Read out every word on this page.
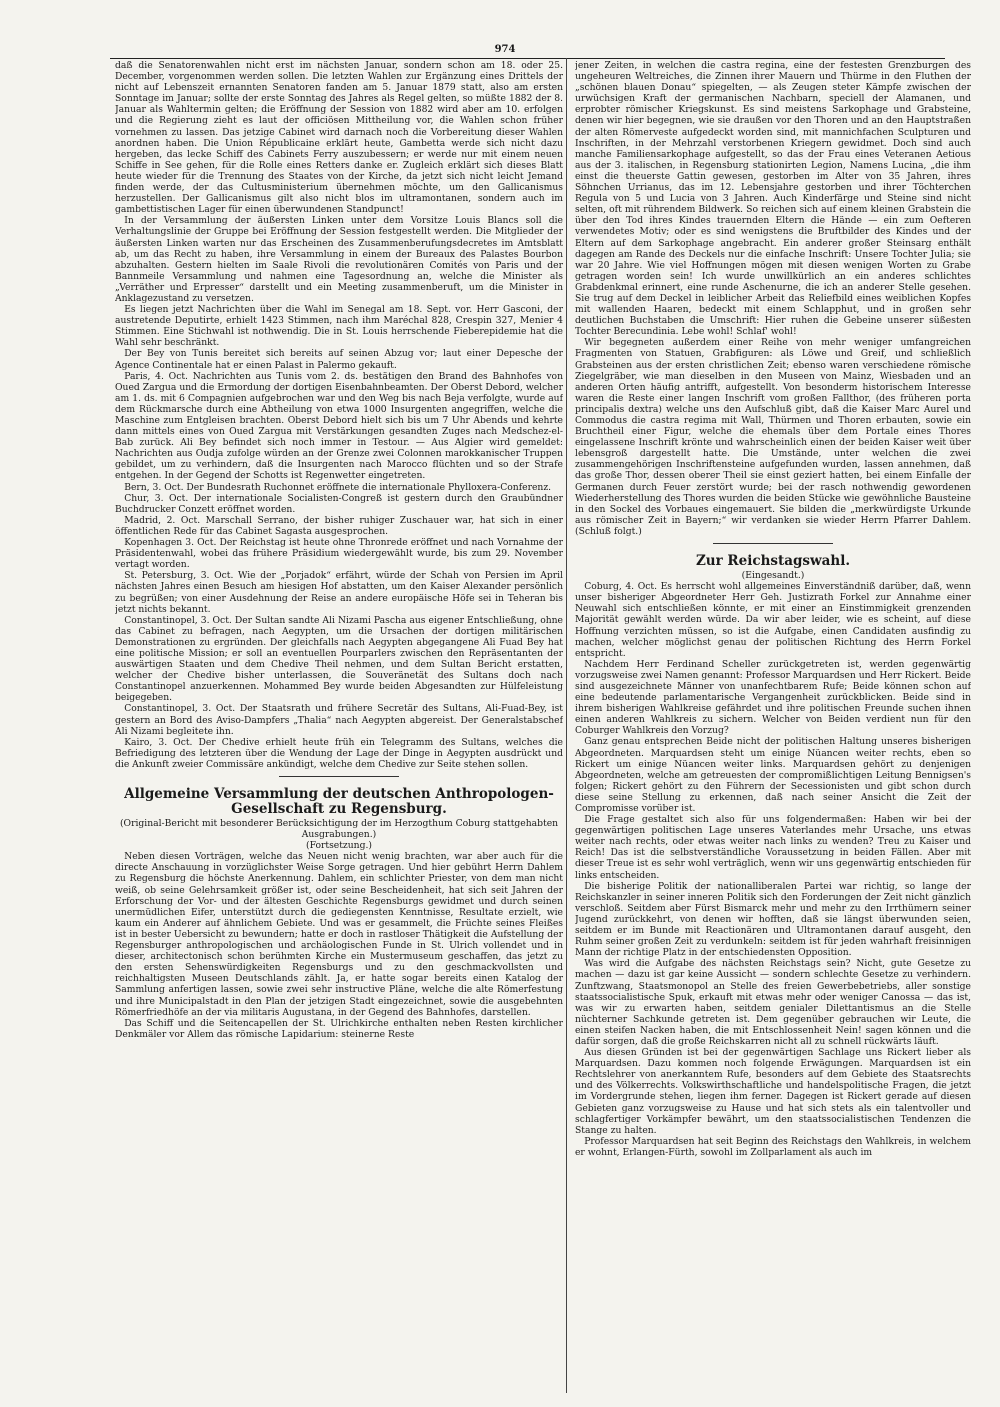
974

daß die Senatorenwahlen nicht erst im nächsten Januar, sondern schon am 18. oder 25. December, vorgenommen werden sollen. Die letzten Wahlen zur Ergänzung eines Drittels der nicht auf Lebenszeit ernannten Senatoren fanden am 5. Januar 1879 statt, also am ersten Sonntage im Januar; sollte der erste Sonntag des Jahres als Regel gelten, so müßte 1882 der 8. Januar als Wahltermin gelten; die Eröffnung der Session von 1882 wird aber am 10. erfolgen und die Regierung zieht es laut der officiösen Mittheilung vor, die Wahlen schon früher vornehmen zu lassen. Das jetzige Cabinet wird darnach noch die Vorbereitung dieser Wahlen anordnen haben. Die Union Républicaine erklärt heute, Gambetta werde sich nicht dazu hergeben, das lecke Schiff des Cabinets Ferry auszubessern; er werde nur mit einem neuen Schiffe in See gehen, für die Rolle eines Retters danke er. Zugleich erklärt sich dieses Blatt heute wieder für die Trennung des Staates von der Kirche, da jetzt sich nicht leicht Jemand finden werde, der das Cultusministerium übernehmen möchte, um den Gallicanismus herzustellen. Der Gallicanismus gilt also nicht blos im ultramontanen, sondern auch im gambettistischen Lager für einen überwundenen Standpunct!

In der Versammlung der äußersten Linken unter dem Vorsitze Louis Blancs soll die Verhaltungslinie der Gruppe bei Eröffnung der Session festgestellt werden. Die Mitglieder der äußersten Linken warten nur das Erscheinen des Zusammenberufungsdecretes im Amtsblatt ab, um das Recht zu haben, ihre Versammlung in einem der Bureaux des Palastes Bourbon abzuhalten. Gestern hielten im Saale Rivoli die revolutionären Comités von Paris und der Bannmeile Versammlung und nahmen eine Tagesordnung an, welche die Minister als „Verräther und Erpresser“ darstellt und ein Meeting zusammenberuft, um die Minister in Anklagezustand zu versetzen.

Es liegen jetzt Nachrichten über die Wahl im Senegal am 18. Sept. vor. Herr Gasconi, der austretende Deputirte, erhielt 1423 Stimmen, nach ihm Maréchal 828, Crespin 327, Menier 4 Stimmen. Eine Stichwahl ist nothwendig. Die in St. Louis herrschende Fieberepidemie hat die Wahl sehr beschränkt.

Der Bey von Tunis bereitet sich bereits auf seinen Abzug vor; laut einer Depesche der Agence Continentale hat er einen Palast in Palermo gekauft.

Paris, 4. Oct. Nachrichten aus Tunis vom 2. ds. bestätigen den Brand des Bahnhofes von Oued Zargua und die Ermordung der dortigen Eisenbahnbeamten. Der Oberst Debord, welcher am 1. ds. mit 6 Compagnien aufgebrochen war und den Weg bis nach Beja verfolgte, wurde auf dem Rückmarsche durch eine Abtheilung von etwa 1000 Insurgenten angegriffen, welche die Maschine zum Entgleisen brachten. Oberst Debord hielt sich bis um 7 Uhr Abends und kehrte dann mittels eines von Oued Zargua mit Verstärkungen gesandten Zuges nach Medschez-el-Bab zurück. Ali Bey befindet sich noch immer in Testour. — Aus Algier wird gemeldet: Nachrichten aus Oudja zufolge würden an der Grenze zwei Colonnen marokkanischer Truppen gebildet, um zu verhindern, daß die Insurgenten nach Marocco flüchten und so der Strafe entgehen. In der Gegend der Schotts ist Regenwetter eingetreten.

Bern, 3. Oct. Der Bundesrath Ruchonnet eröffnete die internationale Phylloxera-Conferenz.

Chur, 3. Oct. Der internationale Socialisten-Congreß ist gestern durch den Graubündner Buchdrucker Conzett eröffnet worden.

Madrid, 2. Oct. Marschall Serrano, der bisher ruhiger Zuschauer war, hat sich in einer öffentlichen Rede für das Cabinet Sagasta ausgesprochen.

Kopenhagen 3. Oct. Der Reichstag ist heute ohne Thronrede eröffnet und nach Vornahme der Präsidentenwahl, wobei das frühere Präsidium wiedergewählt wurde, bis zum 29. November vertagt worden.

St. Petersburg, 3. Oct. Wie der „Porjadok“ erfährt, würde der Schah von Persien im April nächsten Jahres einen Besuch am hiesigen Hof abstatten, um den Kaiser Alexander persönlich zu begrüßen; von einer Ausdehnung der Reise an andere europäische Höfe sei in Teheran bis jetzt nichts bekannt.

Constantinopel, 3. Oct. Der Sultan sandte Ali Nizami Pascha aus eigener Entschließung, ohne das Cabinet zu befragen, nach Aegypten, um die Ursachen der dortigen militärischen Demonstrationen zu ergründen. Der gleichfalls nach Aegypten abgegangene Ali Fuad Bey hat eine politische Mission; er soll an eventuellen Pourparlers zwischen den Repräsentanten der auswärtigen Staaten und dem Chedive Theil nehmen, und dem Sultan Bericht erstatten, welcher der Chedive bisher unterlassen, die Souveränetät des Sultans doch nach Constantinopel anzuerkennen. Mohammed Bey wurde beiden Abgesandten zur Hülfeleistung beigegeben.

Constantinopel, 3. Oct. Der Staatsrath und frühere Secretär des Sultans, Ali-Fuad-Bey, ist gestern an Bord des Aviso-Dampfers „Thalia“ nach Aegypten abgereist. Der Generalstabschef Ali Nizami begleitete ihn.

Kairo, 3. Oct. Der Chedive erhielt heute früh ein Telegramm des Sultans, welches die Befriedigung des letzteren über die Wendung der Lage der Dinge in Aegypten ausdrückt und die Ankunft zweier Commissäre ankündigt, welche dem Chedive zur Seite stehen sollen.

Allgemeine Versammlung der deutschen Anthropologen-Gesellschaft zu Regensburg.

(Original-Bericht mit besonderer Berücksichtigung der im Herzogthum Coburg stattgehabten Ausgrabungen.)

(Fortsetzung.)

Neben diesen Vorträgen, welche das Neuen nicht wenig brachten, war aber auch für die directe Anschauung in vorzüglichster Weise Sorge getragen. Und hier gebührt Herrn Dahlem zu Regensburg die höchste Anerkennung. Dahlem, ein schlichter Priester, von dem man nicht weiß, ob seine Gelehrsamkeit größer ist, oder seine Bescheidenheit, hat sich seit Jahren der Erforschung der Vor- und der ältesten Geschichte Regensburgs gewidmet und durch seinen unermüdlichen Eifer, unterstützt durch die gediegensten Kenntnisse, Resultate erzielt, wie kaum ein Anderer auf ähnlichem Gebiete. Und was er gesammelt, die Früchte seines Fleißes ist in bester Uebersicht zu bewundern; hatte er doch in rastloser Thätigkeit die Aufstellung der Regensburger anthropologischen und archäologischen Funde in St. Ulrich vollendet und in dieser, architectonisch schon berühmten Kirche ein Mustermuseum geschaffen, das jetzt zu den ersten Sehenswürdigkeiten Regensburgs und zu den geschmackvollsten und reichhaltigsten Museen Deutschlands zählt. Ja, er hatte sogar bereits einen Katalog der Sammlung anfertigen lassen, sowie zwei sehr instructive Pläne, welche die alte Römerfestung und ihre Municipalstadt in den Plan der jetzigen Stadt eingezeichnet, sowie die ausgebehnten Römerfriedhöfe an der via militaris Augustana, in der Gegend des Bahnhofes, darstellen.

Das Schiff und die Seitencapellen der St. Ulrichkirche enthalten neben Resten kirchlicher Denkmäler vor Allem das römische Lapidarium: steinerne Reste

jener Zeiten, in welchen die castra regina, eine der festesten Grenzburgen des ungeheuren Weltreiches, die Zinnen ihrer Mauern und Thürme in den Fluthen der „schönen blauen Donau“ spiegelten, — als Zeugen steter Kämpfe zwischen der urwüchsigen Kraft der germanischen Nachbarn, speciell der Alamanen, und erprobter römischer Kriegskunst. Es sind meistens Sarkophage und Grabsteine, denen wir hier begegnen, wie sie draußen vor den Thoren und an den Hauptstraßen der alten Römerveste aufgedeckt worden sind, mit mannichfachen Sculpturen und Inschriften, in der Mehrzahl verstorbenen Kriegern gewidmet. Doch sind auch manche Familiensarkophage aufgestellt, so das der Frau eines Veteranen Aetious aus der 3. italischen, in Regensburg stationirten Legion, Namens Lucina, „die ihm einst die theuerste Gattin gewesen, gestorben im Alter von 35 Jahren, ihres Söhnchen Urrianus, das im 12. Lebensjahre gestorben und ihrer Töchterchen Regula von 5 und Lucia von 3 Jahren. Auch Kinderfärge und Steine sind nicht selten, oft mit rührendem Bildwerk. So reichen sich auf einem kleinen Grabstein die über den Tod ihres Kindes trauernden Eltern die Hände — ein zum Oefteren verwendetes Motiv; oder es sind wenigstens die Bruftbilder des Kindes und der Eltern auf dem Sarkophage angebracht. Ein anderer großer Steinsarg enthält dagegen am Rande des Deckels nur die einfache Inschrift: Unsere Tochter Julia; sie war 20 Jahre. Wie viel Hoffnungen mögen mit diesen wenigen Worten zu Grabe getragen worden sein! Ich wurde unwillkürlich an ein anderes schlichtes Grabdenkmal erinnert, eine runde Aschenurne, die ich an anderer Stelle gesehen. Sie trug auf dem Deckel in leiblicher Arbeit das Reliefbild eines weiblichen Kopfes mit wallenden Haaren, bedeckt mit einem Schlapphut, und in großen sehr deutlichen Buchstaben die Umschrift: Hier ruhen die Gebeine unserer süßesten Tochter Berecundinia. Lebe wohl! Schlaf' wohl!

Wir begegneten außerdem einer Reihe von mehr weniger umfangreichen Fragmenten von Statuen, Grabfiguren: als Löwe und Greif, und schließlich Grabsteinen aus der ersten christlichen Zeit; ebenso waren verschiedene römische Ziegelgräber, wie man dieselben in den Museen von Mainz, Wiesbaden und an anderen Orten häufig antrifft, aufgestellt. Von besonderm historischem Interesse waren die Reste einer langen Inschrift vom großen Fallthor, (des früheren porta principalis dextra) welche uns den Aufschluß gibt, daß die Kaiser Marc Aurel und Commodus die castra regima mit Wall, Thürmen und Thoren erbauten, sowie ein Bruchtheil einer Figur, welche die ehemals über dem Portale eines Thores eingelassene Inschrift krönte und wahrscheinlich einen der beiden Kaiser weit über lebensgroß dargestellt hatte. Die Umstände, unter welchen die zwei zusammengehörigen Inschriftensteine aufgefunden wurden, lassen annehmen, daß das große Thor, dessen oberer Theil sie einst geziert hatten, bei einem Einfalle der Germanen durch Feuer zerstört wurde; bei der rasch nothwendig gewordenen Wiederherstellung des Thores wurden die beiden Stücke wie gewöhnliche Bausteine in den Sockel des Vorbaues eingemauert. Sie bilden die „merkwürdigste Urkunde aus römischer Zeit in Bayern;“ wir verdanken sie wieder Herrn Pfarrer Dahlem. (Schluß folgt.)

Zur Reichstagswahl.

(Eingesandt.)

Coburg, 4. Oct. Es herrscht wohl allgemeines Einverständniß darüber, daß, wenn unser bisheriger Abgeordneter Herr Geh. Justizrath Forkel zur Annahme einer Neuwahl sich entschließen könnte, er mit einer an Einstimmigkeit grenzenden Majorität gewählt werden würde. Da wir aber leider, wie es scheint, auf diese Hoffnung verzichten müssen, so ist die Aufgabe, einen Candidaten ausfindig zu machen, welcher möglichst genau der politischen Richtung des Herrn Forkel entspricht.

Nachdem Herr Ferdinand Scheller zurückgetreten ist, werden gegenwärtig vorzugsweise zwei Namen genannt: Professor Marquardsen und Herr Rickert. Beide sind ausgezeichnete Männer von unanfechtbarem Rufe; Beide können schon auf eine bedeutende parlamentarische Vergangenheit zurückblicken. Beide sind in ihrem bisherigen Wahlkreise gefährdet und ihre politischen Freunde suchen ihnen einen anderen Wahlkreis zu sichern. Welcher von Beiden verdient nun für den Coburger Wahlkreis den Vorzug?

Ganz genau entsprechen Beide nicht der politischen Haltung unseres bisherigen Abgeordneten. Marquardsen steht um einige Nüancen weiter rechts, eben so Rickert um einige Nüancen weiter links. Marquardsen gehört zu denjenigen Abgeordneten, welche am getreuesten der compromißlichtigen Leitung Bennigsen's folgen; Rickert gehört zu den Führern der Secessionisten und gibt schon durch diese seine Stellung zu erkennen, daß nach seiner Ansicht die Zeit der Compromisse vorüber ist.

Die Frage gestaltet sich also für uns folgendermaßen: Haben wir bei der gegenwärtigen politischen Lage unseres Vaterlandes mehr Ursache, uns etwas weiter nach rechts, oder etwas weiter nach links zu wenden? Treu zu Kaiser und Reich! Das ist die selbstverständliche Voraussetzung in beiden Fällen. Aber mit dieser Treue ist es sehr wohl verträglich, wenn wir uns gegenwärtig entschieden für links entscheiden.

Die bisherige Politik der nationalliberalen Partei war richtig, so lange der Reichskanzler in seiner inneren Politik sich den Forderungen der Zeit nicht gänzlich verschloß. Seitdem aber Fürst Bismarck mehr und mehr zu den Irrthümern seiner Jugend zurückkehrt, von denen wir hofften, daß sie längst überwunden seien, seitdem er im Bunde mit Reactionären und Ultramontanen darauf ausgeht, den Ruhm seiner großen Zeit zu verdunkeln: seitdem ist für jeden wahrhaft freisinnigen Mann der richtige Platz in der entschiedensten Opposition.

Was wird die Aufgabe des nächsten Reichstags sein? Nicht, gute Gesetze zu machen — dazu ist gar keine Aussicht — sondern schlechte Gesetze zu verhindern. Zunftzwang, Staatsmonopol an Stelle des freien Gewerbebetriebs, aller sonstige staatssocialistische Spuk, erkauft mit etwas mehr oder weniger Canossa — das ist, was wir zu erwarten haben, seitdem genialer Dilettantismus an die Stelle nüchterner Sachkunde getreten ist. Dem gegenüber gebrauchen wir Leute, die einen steifen Nacken haben, die mit Entschlossenheit Nein! sagen können und die dafür sorgen, daß die große Reichskarren nicht all zu schnell rückwärts läuft.

Aus diesen Gründen ist bei der gegenwärtigen Sachlage uns Rickert lieber als Marquardsen. Dazu kommen noch folgende Erwägungen. Marquardsen ist ein Rechtslehrer von anerkanntem Rufe, besonders auf dem Gebiete des Staatsrechts und des Völkerrechts. Volkswirthschaftliche und handelspolitische Fragen, die jetzt im Vordergrunde stehen, liegen ihm ferner. Dagegen ist Rickert gerade auf diesen Gebieten ganz vorzugsweise zu Hause und hat sich stets als ein talentvoller und schlagfertiger Vorkämpfer bewährt, um den staatssocialistischen Tendenzen die Stange zu halten.

Professor Marquardsen hat seit Beginn des Reichstags den Wahlkreis, in welchem er wohnt, Erlangen-Fürth, sowohl im Zollparlament als auch im
